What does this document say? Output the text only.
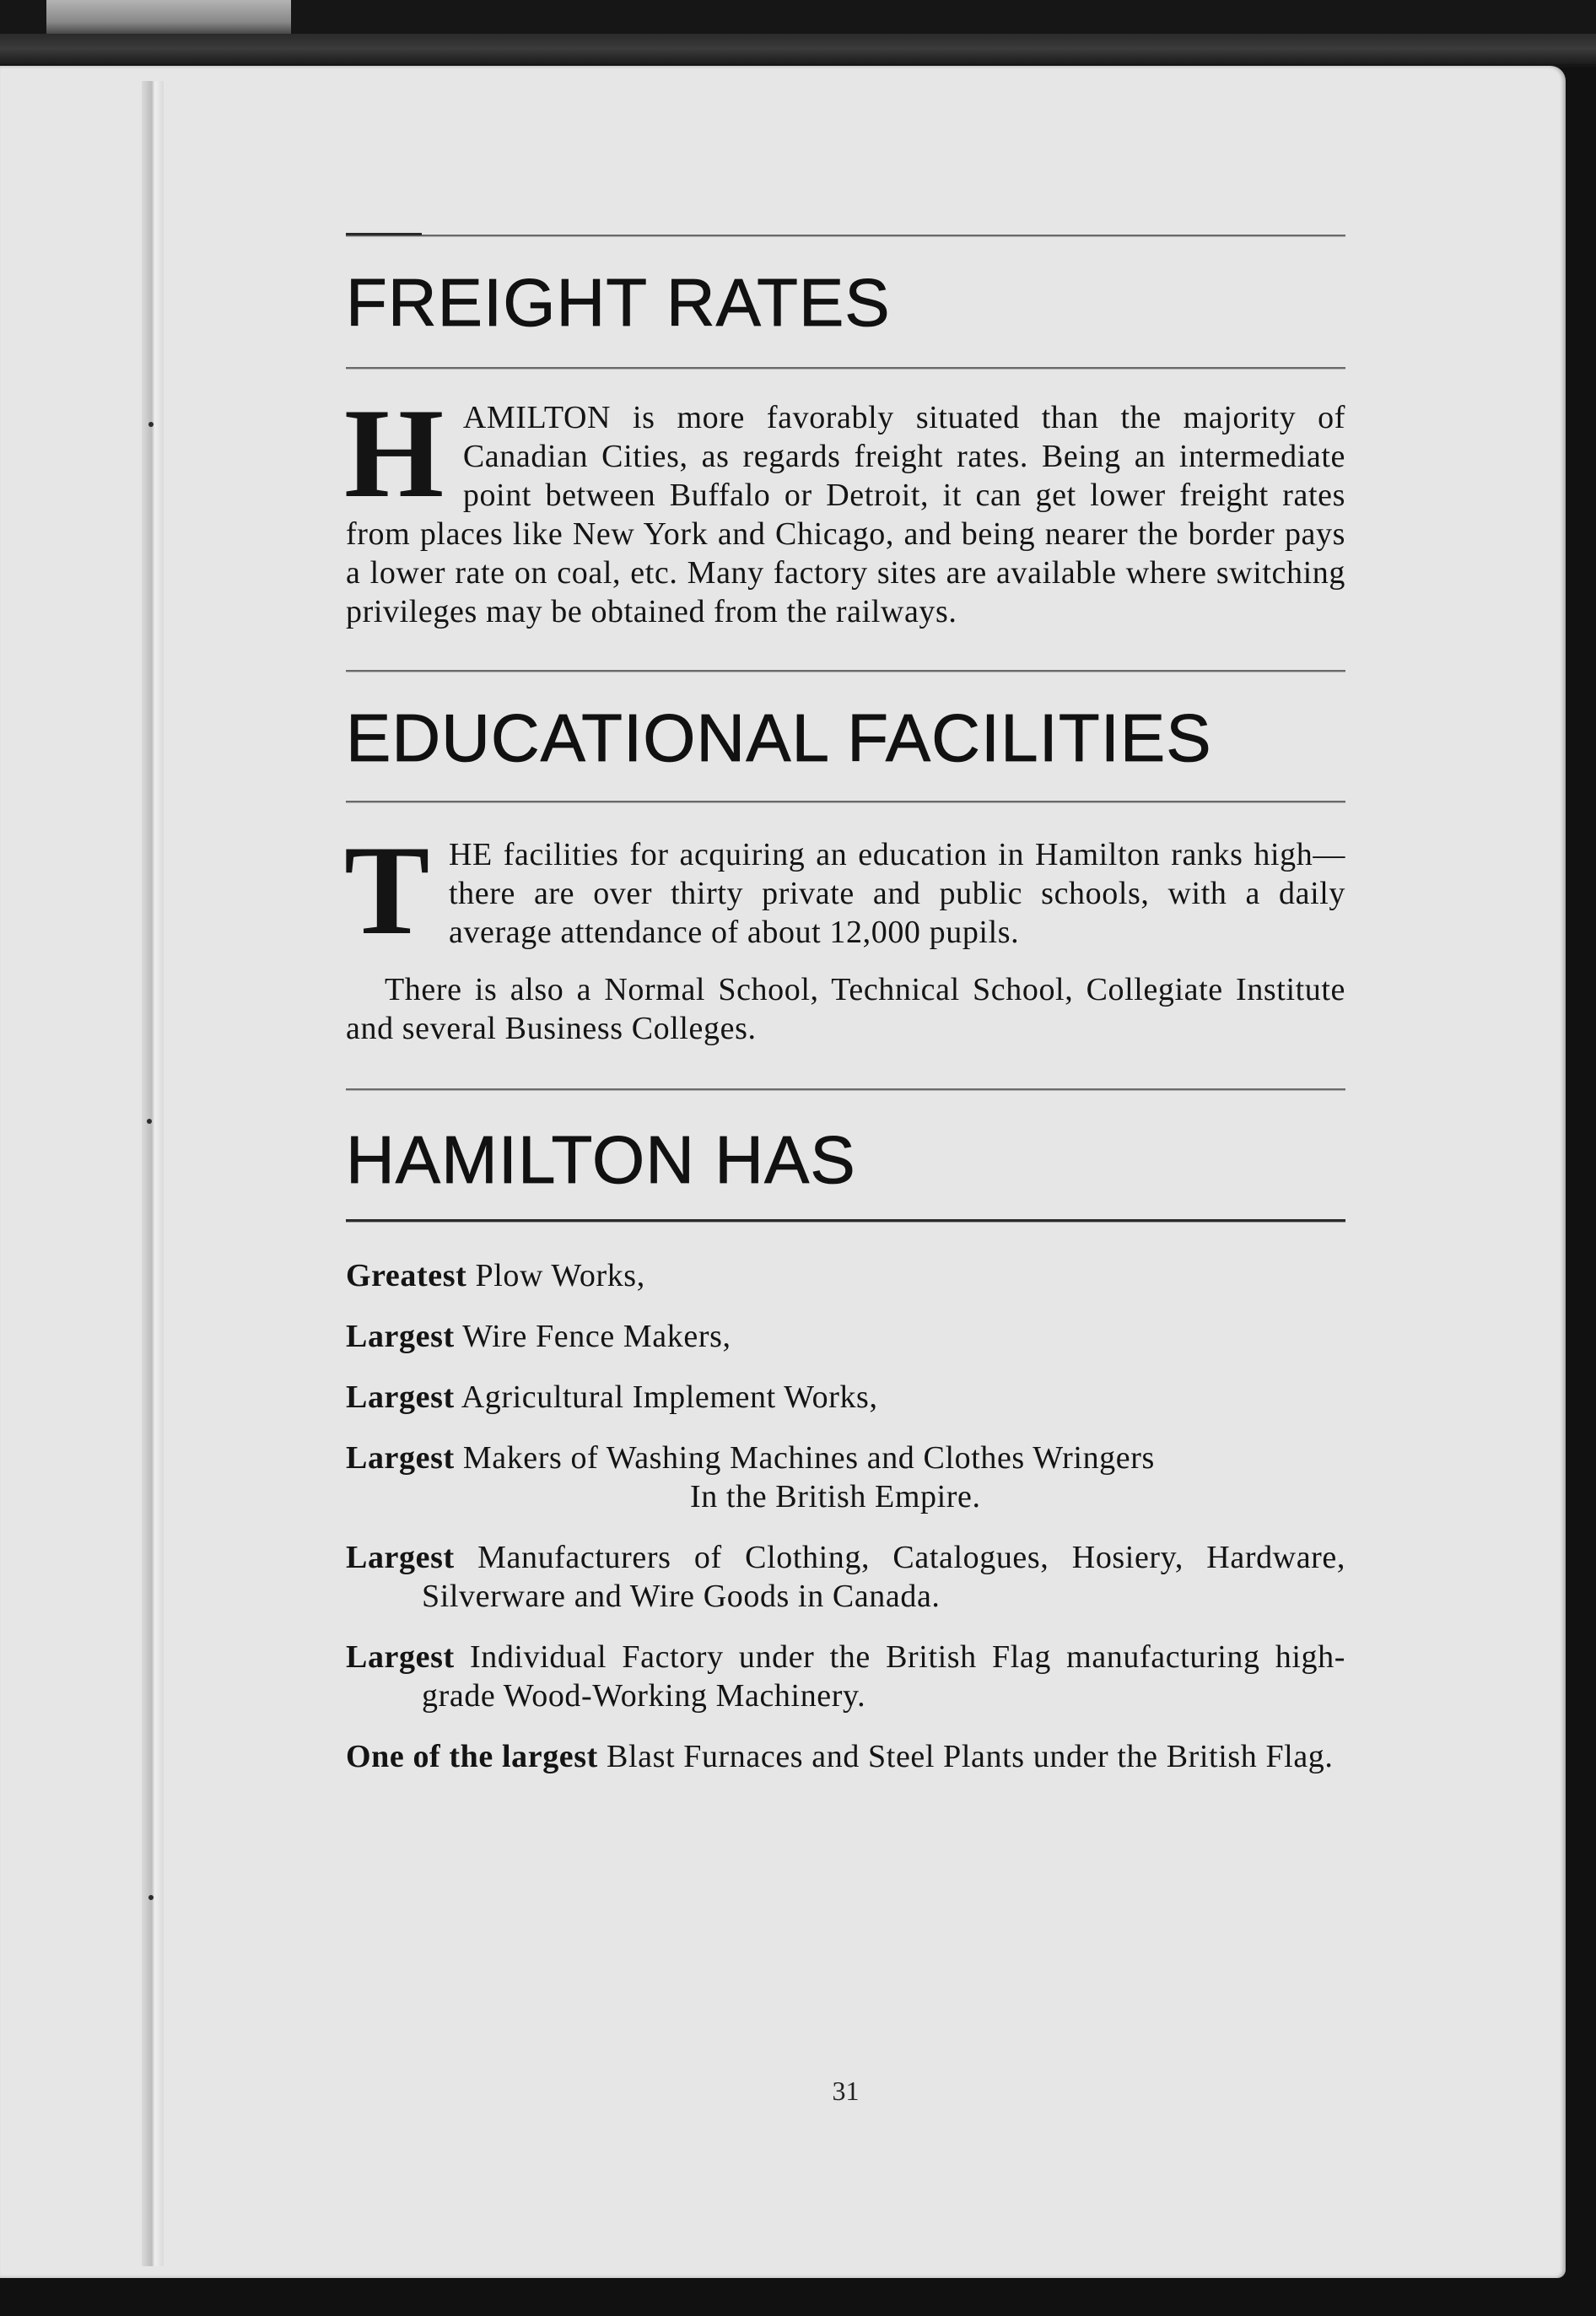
FREIGHT RATES

HAMILTON is more favorably situated than the majority of Canadian Cities, as regards freight rates. Being an intermediate point between Buffalo or Detroit, it can get lower freight rates from places like New York and Chicago, and being nearer the border pays a lower rate on coal, etc. Many factory sites are available where switching privileges may be obtained from the railways.

EDUCATIONAL FACILITIES

THE facilities for acquiring an education in Hamilton ranks high—there are over thirty private and public schools, with a daily average attendance of about 12,000 pupils.

There is also a Normal School, Technical School, Collegiate Institute and several Business Colleges.

HAMILTON HAS
Greatest Plow Works,
Largest Wire Fence Makers,
Largest Agricultural Implement Works,
Largest Makers of Washing Machines and Clothes Wringers
In the British Empire.
Largest Manufacturers of Clothing, Catalogues, Hosiery, Hardware, Silverware and Wire Goods in Canada.
Largest Individual Factory under the British Flag manufacturing high-grade Wood-Working Machinery.
One of the largest Blast Furnaces and Steel Plants under the British Flag.
31
